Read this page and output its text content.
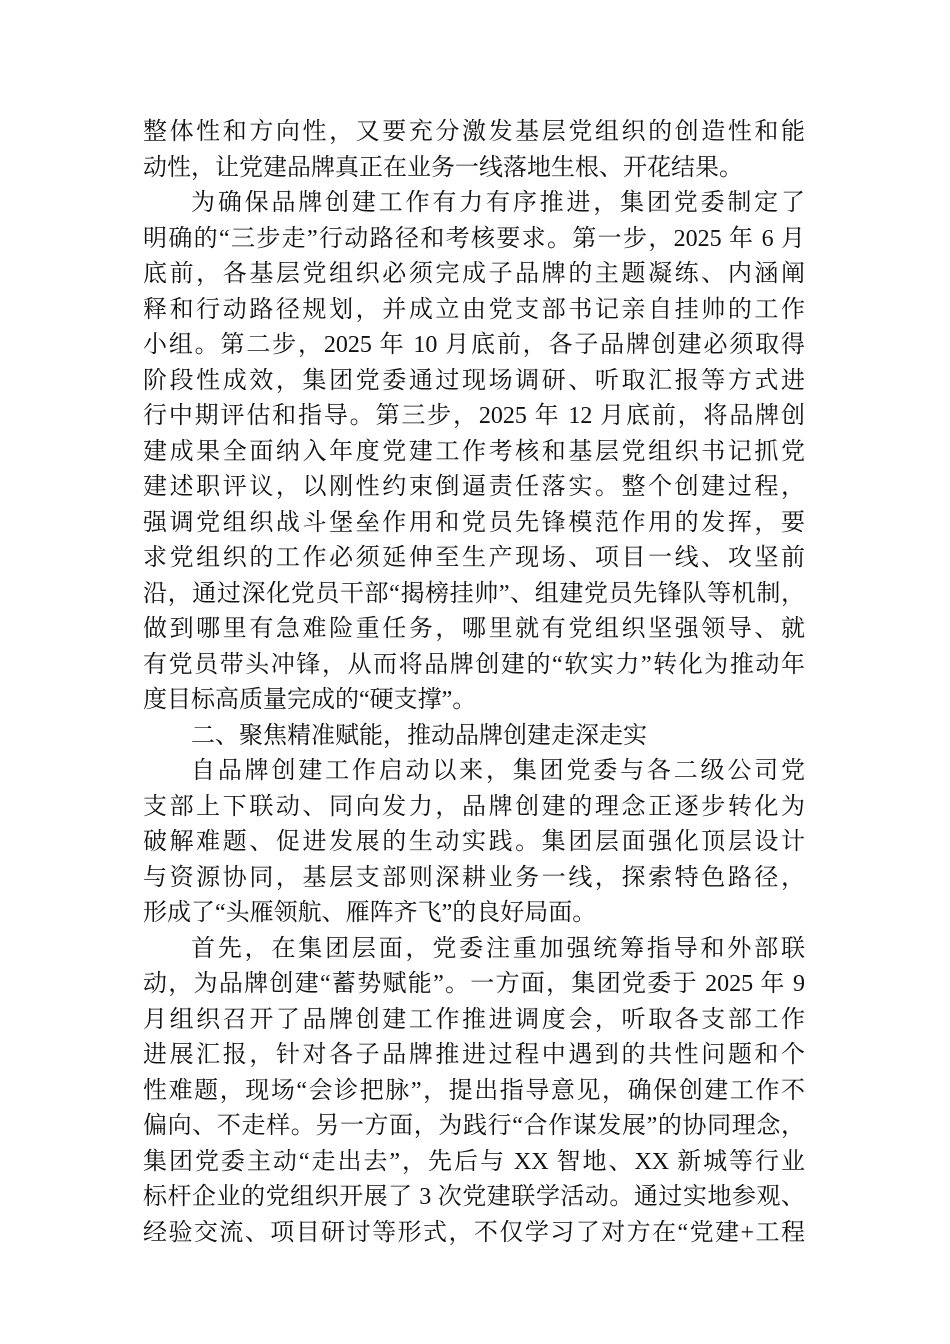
整体性和方向性，又要充分激发基层党组织的创造性和能
动性，让党建品牌真正在业务一线落地生根、开花结果。
为确保品牌创建工作有力有序推进，集团党委制定了
明确的“三步走”行动路径和考核要求。第一步，2025 年 6 月
底前，各基层党组织必须完成子品牌的主题凝练、内涵阐
释和行动路径规划，并成立由党支部书记亲自挂帅的工作
小组。第二步，2025 年 10 月底前，各子品牌创建必须取得
阶段性成效，集团党委通过现场调研、听取汇报等方式进
行中期评估和指导。第三步，2025 年 12 月底前，将品牌创
建成果全面纳入年度党建工作考核和基层党组织书记抓党
建述职评议，以刚性约束倒逼责任落实。整个创建过程，
强调党组织战斗堡垒作用和党员先锋模范作用的发挥，要
求党组织的工作必须延伸至生产现场、项目一线、攻坚前
沿，通过深化党员干部“揭榜挂帅”、组建党员先锋队等机制，
做到哪里有急难险重任务，哪里就有党组织坚强领导、就
有党员带头冲锋，从而将品牌创建的“软实力”转化为推动年
度目标高质量完成的“硬支撑”。
二、聚焦精准赋能，推动品牌创建走深走实
自品牌创建工作启动以来，集团党委与各二级公司党
支部上下联动、同向发力，品牌创建的理念正逐步转化为
破解难题、促进发展的生动实践。集团层面强化顶层设计
与资源协同，基层支部则深耕业务一线，探索特色路径，
形成了“头雁领航、雁阵齐飞”的良好局面。
首先，在集团层面，党委注重加强统筹指导和外部联
动，为品牌创建“蓄势赋能”。一方面，集团党委于 2025 年 9
月组织召开了品牌创建工作推进调度会，听取各支部工作
进展汇报，针对各子品牌推进过程中遇到的共性问题和个
性难题，现场“会诊把脉”，提出指导意见，确保创建工作不
偏向、不走样。另一方面，为践行“合作谋发展”的协同理念，
集团党委主动“走出去”，先后与 XX 智地、XX 新城等行业
标杆企业的党组织开展了 3 次党建联学活动。通过实地参观、
经验交流、项目研讨等形式，不仅学习了对方在“党建+工程
